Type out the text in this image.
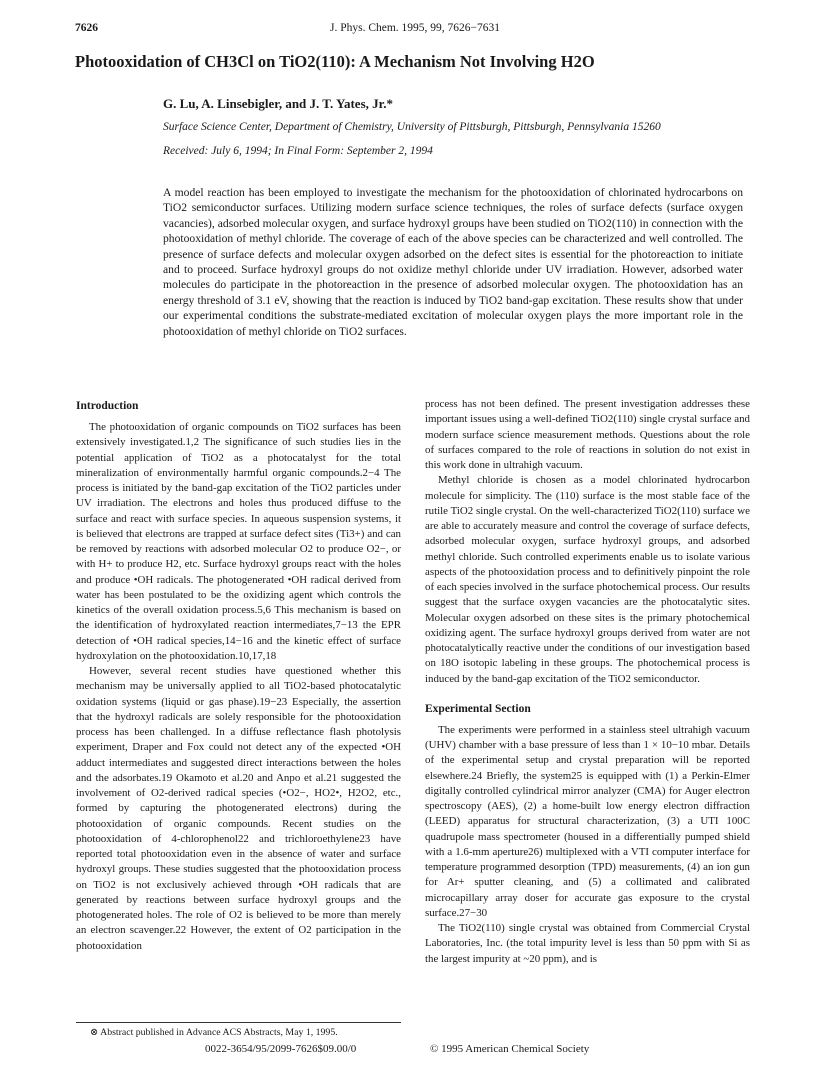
J. Phys. Chem. 1995, 99, 7626−7631
7626
Photooxidation of CH3Cl on TiO2(110): A Mechanism Not Involving H2O
G. Lu, A. Linsebigler, and J. T. Yates, Jr.*
Surface Science Center, Department of Chemistry, University of Pittsburgh, Pittsburgh, Pennsylvania 15260
Received: July 6, 1994; In Final Form: September 2, 1994

A model reaction has been employed to investigate the mechanism for the photooxidation of chlorinated hydrocarbons on TiO2 semiconductor surfaces. Utilizing modern surface science techniques, the roles of surface defects (surface oxygen vacancies), adsorbed molecular oxygen, and surface hydroxyl groups have been studied on TiO2(110) in connection with the photooxidation of methyl chloride. The coverage of each of the above species can be characterized and well controlled. The presence of surface defects and molecular oxygen adsorbed on the defect sites is essential for the photoreaction to initiate and to proceed. Surface hydroxyl groups do not oxidize methyl chloride under UV irradiation. However, adsorbed water molecules do participate in the photoreaction in the presence of adsorbed molecular oxygen. The photooxidation has an energy threshold of 3.1 eV, showing that the reaction is induced by TiO2 band-gap excitation. These results show that under our experimental conditions the substrate-mediated excitation of molecular oxygen plays the more important role in the photooxidation of methyl chloride on TiO2 surfaces.

Introduction

The photooxidation of organic compounds on TiO2 surfaces has been extensively investigated.1,2 The significance of such studies lies in the potential application of TiO2 as a photocatalyst for the total mineralization of environmentally harmful organic compounds.2−4 The process is initiated by the band-gap excitation of the TiO2 particles under UV irradiation. The electrons and holes thus produced diffuse to the surface and react with surface species. In aqueous suspension systems, it is believed that electrons are trapped at surface defect sites (Ti3+) and can be removed by reactions with adsorbed molecular O2 to produce O2−, or with H+ to produce H2, etc. Surface hydroxyl groups react with the holes and produce •OH radicals. The photogenerated •OH radical derived from water has been postulated to be the oxidizing agent which controls the kinetics of the overall oxidation process.5,6 This mechanism is based on the identification of hydroxylated reaction intermediates,7−13 the EPR detection of •OH radical species,14−16 and the kinetic effect of surface hydroxylation on the photooxidation.10,17,18

However, several recent studies have questioned whether this mechanism may be universally applied to all TiO2-based photocatalytic oxidation systems (liquid or gas phase).19−23 Especially, the assertion that the hydroxyl radicals are solely responsible for the photooxidation process has been challenged. In a diffuse reflectance flash photolysis experiment, Draper and Fox could not detect any of the expected •OH adduct intermediates and suggested direct interactions between the holes and the adsorbates.19 Okamoto et al.20 and Anpo et al.21 suggested the involvement of O2-derived radical species (•O2−, HO2•, H2O2, etc., formed by capturing the photogenerated electrons) during the photooxidation of organic compounds. Recent studies on the photooxidation of 4-chlorophenol22 and trichloroethylene23 have reported total photooxidation even in the absence of water and surface hydroxyl groups. These studies suggested that the photooxidation process on TiO2 is not exclusively achieved through •OH radicals that are generated by reactions between surface hydroxyl groups and the photogenerated holes. The role of O2 is believed to be more than merely an electron scavenger.22 However, the extent of O2 participation in the photooxidation

process has not been defined. The present investigation addresses these important issues using a well-defined TiO2(110) single crystal surface and modern surface science measurement methods. Questions about the role of surfaces compared to the role of reactions in solution do not exist in this work done in ultrahigh vacuum.

Methyl chloride is chosen as a model chlorinated hydrocarbon molecule for simplicity. The (110) surface is the most stable face of the rutile TiO2 single crystal. On the well-characterized TiO2(110) surface we are able to accurately measure and control the coverage of surface defects, adsorbed molecular oxygen, surface hydroxyl groups, and adsorbed methyl chloride. Such controlled experiments enable us to isolate various aspects of the photooxidation process and to definitively pinpoint the role of each species involved in the surface photochemical process. Our results suggest that the surface oxygen vacancies are the photocatalytic sites. Molecular oxygen adsorbed on these sites is the primary photochemical oxidizing agent. The surface hydroxyl groups derived from water are not photocatalytically reactive under the conditions of our investigation based on 18O isotopic labeling in these groups. The photochemical process is induced by the band-gap excitation of the TiO2 semiconductor.

Experimental Section

The experiments were performed in a stainless steel ultrahigh vacuum (UHV) chamber with a base pressure of less than 1 × 10−10 mbar. Details of the experimental setup and crystal preparation will be reported elsewhere.24 Briefly, the system25 is equipped with (1) a Perkin-Elmer digitally controlled cylindrical mirror analyzer (CMA) for Auger electron spectroscopy (AES), (2) a home-built low energy electron diffraction (LEED) apparatus for structural characterization, (3) a UTI 100C quadrupole mass spectrometer (housed in a differentially pumped shield with a 1.6-mm aperture26) multiplexed with a VTI computer interface for temperature programmed desorption (TPD) measurements, (4) an ion gun for Ar+ sputter cleaning, and (5) a collimated and calibrated microcapillary array doser for accurate gas exposure to the crystal surface.27−30

The TiO2(110) single crystal was obtained from Commercial Crystal Laboratories, Inc. (the total impurity level is less than 50 ppm with Si as the largest impurity at ~20 ppm), and is

⊗ Abstract published in Advance ACS Abstracts, May 1, 1995.
0022-3654/95/2099-7626$09.00/0	© 1995 American Chemical Society
